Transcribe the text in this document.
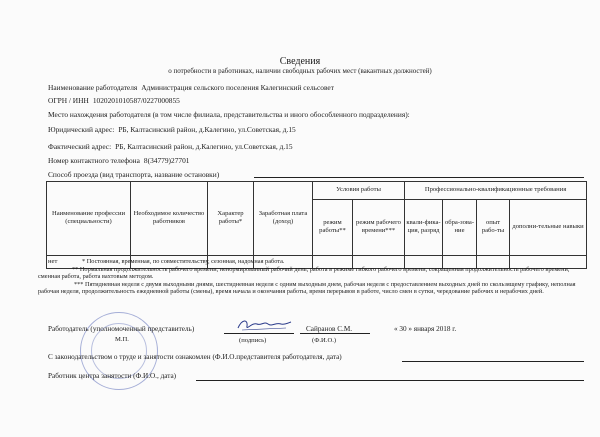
Сведения
о потребности в работниках, наличии свободных рабочих мест (вакантных должностей)
Наименование работодателя Администрация сельского поселения Калегинский сельсовет
ОГРН / ИНН 1020201010587/0227000855
Место нахождения работодателя (в том числе филиала, представительства и иного обособленного подразделения):
Юридический адрес: РБ, Калтасинский район, д.Калегино, ул.Советская, д.15
Фактический адрес: РБ, Калтасинский район, д.Калегино, ул.Советская, д.15
Номер контактного телефона 8(34779)27701
Способ проезда (вид транспорта, название остановки)
Наименование профессии (специальности)	Необходимое количество работников	Характер работы*	Заработная плата (доход)	Условия работы		Профессионально-квалификационные требования			
				режим работы**	режим рабочего времени***	квали-фика-ция, разряд	обра-зова-ние	опыт рабо-ты	дополни-тельные навыки
нет										* Постоянная, временная, по совместительству, сезонная, надомная работа.

** Нормальная продолжительность рабочего времени, ненормированный рабочий день, работа в режиме гибкого рабочего времени, сокращенная продолжительность рабочего времени, сменная работа, работа вахтовым методом.

*** Пятидневная неделя с двумя выходными днями, шестидневная неделя с одним выходным днем, рабочая неделя с предоставлением выходных дней по скользящему графику, неполная рабочая неделя, продолжительность ежедневной работы (смены), время начала и окончания работы, время перерывов в работе, число смен в сутки, чередование рабочих и нерабочих дней.

Работодатель (уполномоченный представитель)	Сайранов С.М.	« 30 » января 2018 г.
М.П.	(подпись)	(Ф.И.О.)
С законодательством о труде и занятости ознакомлен (Ф.И.О.представителя работодателя, дата)
Работник центра занятости (Ф.И.О., дата)
